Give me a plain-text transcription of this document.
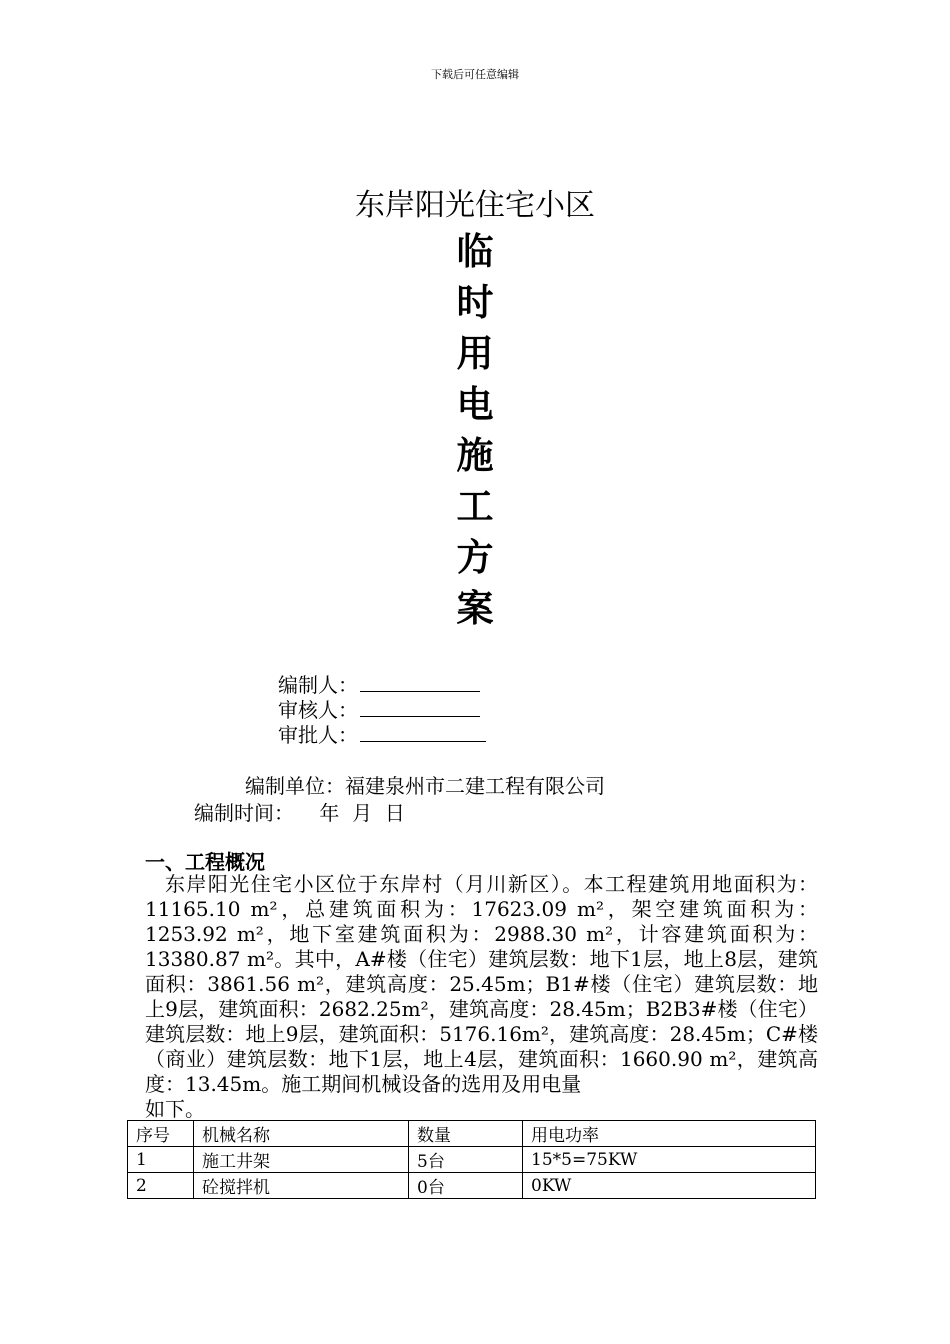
下载后可任意编辑
东岸阳光住宅小区
临
时
用
电
施
工
方
案
编制人：
审核人：
审批人：
编制单位：福建泉州市二建工程有限公司
编制时间：    年  月  日
一、工程概况
东岸阳光住宅小区位于东岸村（月川新区）。本工程建筑用地面积为：11165.10 m²，总建筑面积为：17623.09 m²，架空建筑面积为：1253.92 m²，地下室建筑面积为：2988.30 m²，计容建筑面积为：13380.87 m²。其中，A#楼（住宅）建筑层数：地下1层，地上8层，建筑面积：3861.56 m²，建筑高度：25.45m；B1#楼（住宅）建筑层数：地上9层，建筑面积：2682.25m²，建筑高度：28.45m；B2B3#楼（住宅）建筑层数：地上9层，建筑面积：5176.16m²，建筑高度：28.45m；C#楼（商业）建筑层数：地下1层，地上4层，建筑面积：1660.90 m²，建筑高度：13.45m。施工期间机械设备的选用及用电量
如下。
序号	机械名称	数量	用电功率
1	施工井架	5台	15*5=75KW
2	砼搅拌机	0台	0KW
